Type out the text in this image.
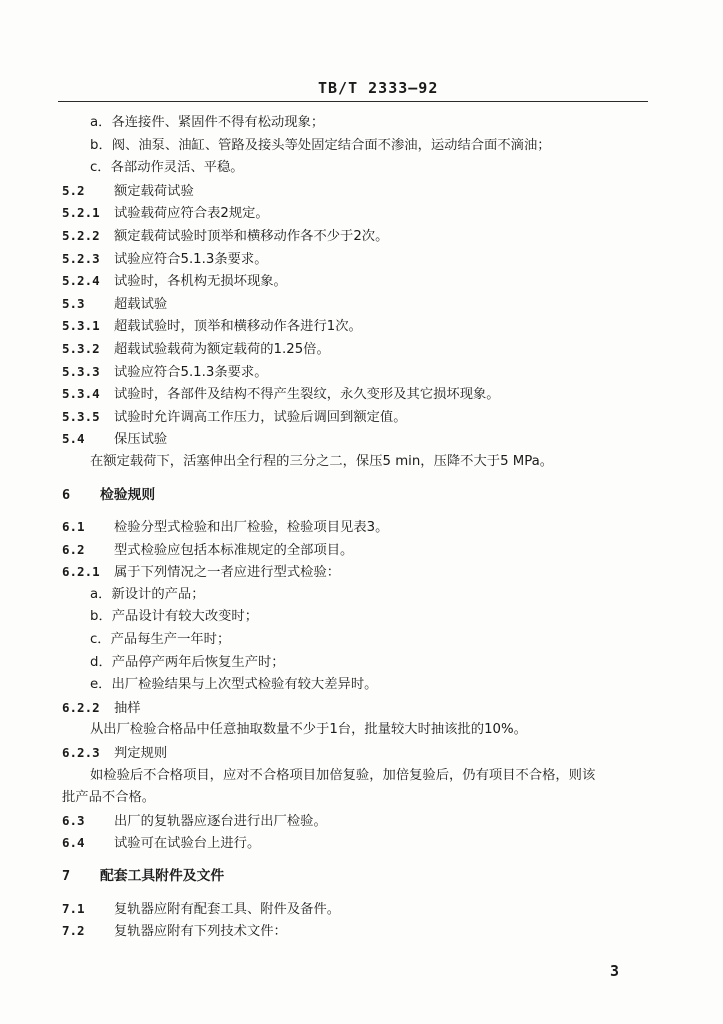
TB/T 2333—92
a．各连接件、紧固件不得有松动现象；
b．阀、油泵、油缸、管路及接头等处固定结合面不渗油，运动结合面不滴油；
c．各部动作灵活、平稳。
5.2	额定载荷试验
5.2.1	试验载荷应符合表2规定。
5.2.2	额定载荷试验时顶举和横移动作各不少于2次。
5.2.3	试验应符合5.1.3条要求。
5.2.4	试验时，各机构无损坏现象。
5.3	超载试验
5.3.1	超载试验时，顶举和横移动作各进行1次。
5.3.2	超载试验载荷为额定载荷的1.25倍。
5.3.3	试验应符合5.1.3条要求。
5.3.4	试验时，各部件及结构不得产生裂纹，永久变形及其它损坏现象。
5.3.5	试验时允许调高工作压力，试验后调回到额定值。
5.4	保压试验
在额定载荷下，活塞伸出全行程的三分之二，保压5 min，压降不大于5 MPa。
6	检验规则
6.1	检验分型式检验和出厂检验，检验项目见表3。
6.2	型式检验应包括本标准规定的全部项目。
6.2.1	属于下列情况之一者应进行型式检验：
a．新设计的产品；
b．产品设计有较大改变时；
c．产品每生产一年时；
d．产品停产两年后恢复生产时；
e．出厂检验结果与上次型式检验有较大差异时。
6.2.2	抽样
从出厂检验合格品中任意抽取数量不少于1台，批量较大时抽该批的10%。
6.2.3	判定规则
如检验后不合格项目，应对不合格项目加倍复验，加倍复验后，仍有项目不合格，则该
批产品不合格。
6.3	出厂的复轨器应逐台进行出厂检验。
6.4	试验可在试验台上进行。
7	配套工具附件及文件
7.1	复轨器应附有配套工具、附件及备件。
7.2	复轨器应附有下列技术文件：
3
